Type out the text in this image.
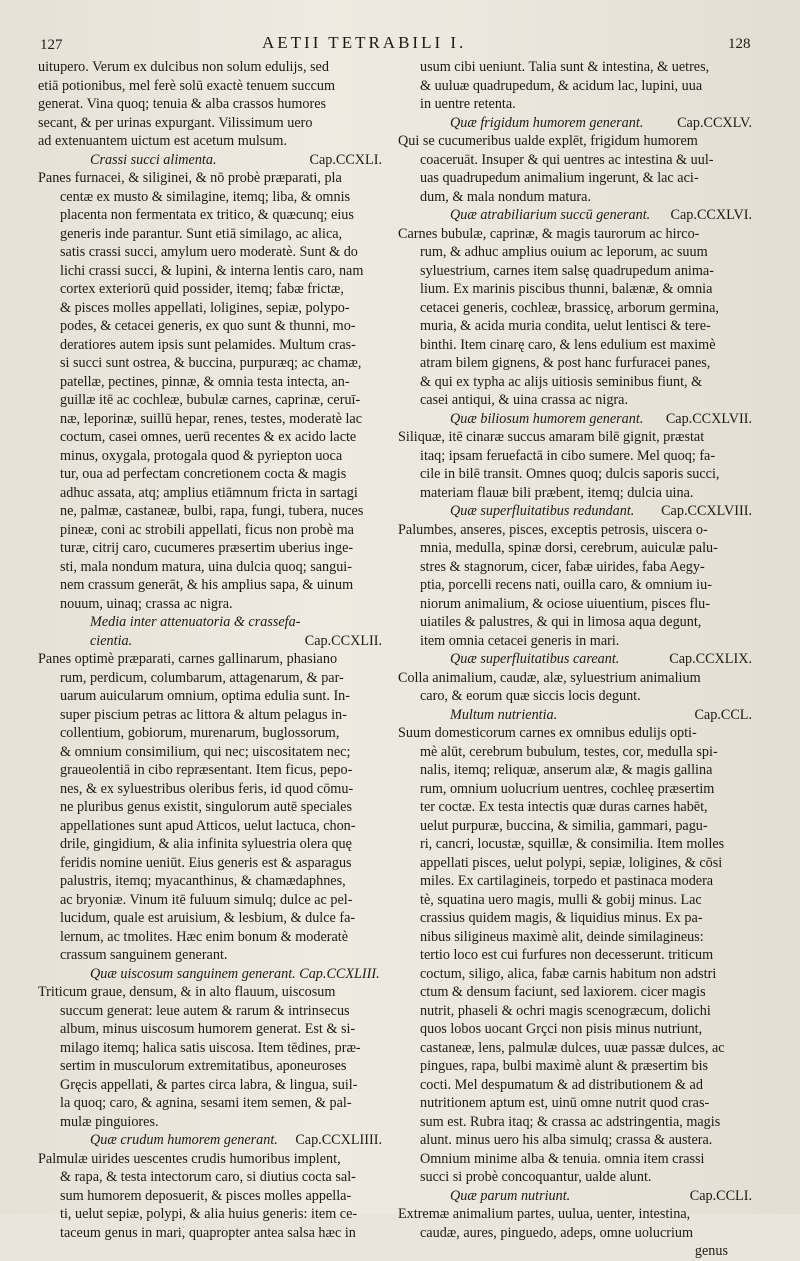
127	AETII TETRABILI I.	128
uitupero. Verum ex dulcibus non solum edulijs, sed
etiā potionibus, mel ferè solū exactè tenuem succum
generat. Vina quoq; tenuia & alba crassos humores
secant, & per urinas expurgant. Vilissimum uero
ad extenuantem uictum est acetum mulsum.
Crassi succi alimenta.	Cap.CCXLI.
Panes furnacei, & siliginei, & nō probè præparati, pla
centæ ex musto & similagine, itemq; liba, & omnis
placenta non fermentata ex tritico, & quæcunq; eius
generis inde parantur. Sunt etiā similago, ac alica,
satis crassi succi, amylum uero moderatè. Sunt & do
lichi crassi succi, & lupini, & interna lentis caro, nam
cortex exteriorū quid possider, itemq; fabæ frictæ,
& pisces molles appellati, loligines, sepiæ, polypo-
podes, & cetacei generis, ex quo sunt & thunni, mo-
deratiores autem ipsis sunt pelamides. Multum cras-
si succi sunt ostrea, & buccina, purpuræq; ac chamæ,
patellæ, pectines, pinnæ, & omnia testa intecta, an-
guillæ itē ac cochleæ, bubulæ carnes, caprinæ, ceruī-
næ, leporinæ, suillū hepar, renes, testes, moderatè lac
coctum, casei omnes, uerū recentes & ex acido lacte
minus, oxygala, protogala quod & pyriepton uoca
tur, oua ad perfectam concretionem cocta & magis
adhuc assata, atq; amplius etiāmnum fricta in sartagi
ne, palmæ, castaneæ, bulbi, rapa, fungi, tubera, nuces
pineæ, coni ac strobili appellati, ficus non probè ma
turæ, citrij caro, cucumeres præsertim uberius inge-
sti, mala nondum matura, uina dulcia quoq; sangui-
nem crassum generāt, & his amplius sapa, & uinum
nouum, uinaq; crassa ac nigra.
Media inter attenuatoria & crassefa-
cientia.	Cap.CCXLII.
Panes optimè præparati, carnes gallinarum, phasiano
rum, perdicum, columbarum, attagenarum, & par-
uarum auicularum omnium, optima edulia sunt. In-
super piscium petras ac littora & altum pelagus in-
collentium, gobiorum, murenarum, buglossorum,
& omnium consimilium, qui nec; uiscositatem nec;
graueolentiā in cibo repræsentant. Item ficus, pepo-
nes, & ex syluestribus oleribus feris, id quod cōmu-
ne pluribus genus existit, singulorum autē speciales
appellationes sunt apud Atticos, uelut lactuca, chon-
drile, gingidium, & alia infinita syluestria olera quę
feridis nomine ueniūt. Eius generis est & asparagus
palustris, itemq; myacanthinus, & chamædaphnes,
ac bryoniæ. Vinum itē fuluum simulq; dulce ac pel-
lucidum, quale est aruisium, & lesbium, & dulce fa-
lernum, ac tmolites. Hæc enim bonum & moderatè
crassum sanguinem generant.
Quæ uiscosum sanguinem generant. Cap.CCXLIII.
Triticum graue, densum, & in alto flauum, uiscosum
succum generat: leue autem & rarum & intrinsecus
album, minus uiscosum humorem generat. Est & si-
milago itemq; halica satis uiscosa. Item tēdines, præ-
sertim in musculorum extremitatibus, aponeuroses
Gręcis appellati, & partes circa labra, & lingua, suil-
la quoq; caro, & agnina, sesami item semen, & pal-
mulæ pinguiores.
Quæ crudum humorem generant. Cap.CCXLIIII.
Palmulæ uirides uescentes crudis humoribus implent,
& rapa, & testa intectorum caro, si diutius cocta sal-
sum humorem deposuerit, & pisces molles appella-
ti, uelut sepiæ, polypi, & alia huius generis: item ce-
taceum genus in mari, quapropter antea salsa hæc in
usum cibi ueniunt. Talia sunt & intestina, & uetres,
& uuluæ quadrupedum, & acidum lac, lupini, uua
in uentre retenta.
Quæ frigidum humorem generant. Cap.CCXLV.
Qui se cucumeribus ualde explēt, frigidum humorem
coaceruāt. Insuper & qui uentres ac intestina & uul-
uas quadrupedum animalium ingerunt, & lac aci-
dum, & mala nondum matura.
Quæ atrabiliarium succū generant. Cap.CCXLVI.
Carnes bubulæ, caprinæ, & magis taurorum ac hirco-
rum, & adhuc amplius ouium ac leporum, ac suum
syluestrium, carnes item salsę quadrupedum anima-
lium. Ex marinis piscibus thunni, balænæ, & omnia
cetacei generis, cochleæ, brassicę, arborum germina,
muria, & acida muria condita, uelut lentisci & tere-
binthi. Item cinarę caro, & lens edulium est maximè
atram bilem gignens, & post hanc furfuracei panes,
& qui ex typha ac alijs uitiosis seminibus fiunt, &
casei antiqui, & uina crassa ac nigra.
Quæ biliosum humorem generant. Cap.CCXLVII.
Siliquæ, itē cinaræ succus amaram bilē gignit, præstat
itaq; ipsam feruefactā in cibo sumere. Mel quoq; fa-
cile in bilē transit. Omnes quoq; dulcis saporis succi,
materiam flauæ bili præbent, itemq; dulcia uina.
Quæ superfluitatibus redundant. Cap.CCXLVIII.
Palumbes, anseres, pisces, exceptis petrosis, uiscera o-
mnia, medulla, spinæ dorsi, cerebrum, auiculæ palu-
stres & stagnorum, cicer, fabæ uirides, faba Aegy-
ptia, porcelli recens nati, ouilla caro, & omnium iu-
niorum animalium, & ociose uiuentium, pisces flu-
uiatiles & palustres, & qui in limosa aqua degunt,
item omnia cetacei generis in mari.
Quæ superfluitatibus careant.	Cap.CCXLIX.
Colla animalium, caudæ, alæ, syluestrium animalium
caro, & eorum quæ siccis locis degunt.
Multum nutrientia.	Cap.CCL.
Suum domesticorum carnes ex omnibus edulijs opti-
mè alūt, cerebrum bubulum, testes, cor, medulla spi-
nalis, itemq; reliquæ, anserum alæ, & magis gallina
rum, omnium uolucrium uentres, cochleę præsertim
ter coctæ. Ex testa intectis quæ duras carnes habēt,
uelut purpuræ, buccina, & similia, gammari, pagu-
ri, cancri, locustæ, squillæ, & consimilia. Item molles
appellati pisces, uelut polypi, sepiæ, loligines, & cōsi
miles. Ex cartilagineis, torpedo et pastinaca modera
tè, squatina uero magis, mulli & gobij minus. Lac
crassius quidem magis, & liquidius minus. Ex pa-
nibus siligineus maximè alit, deinde similagineus:
tertio loco est cui furfures non decesserunt. triticum
coctum, siligo, alica, fabæ carnis habitum non adstri
ctum & densum faciunt, sed laxiorem. cicer magis
nutrit, phaseli & ochri magis scenogræcum, dolichi
quos lobos uocant Grçci non pisis minus nutriunt,
castaneæ, lens, palmulæ dulces, uuæ passæ dulces, ac
pingues, rapa, bulbi maximè alunt & præsertim bis
cocti. Mel despumatum & ad distributionem & ad
nutritionem aptum est, uinū omne nutrit quod cras-
sum est. Rubra itaq; & crassa ac adstringentia, magis
alunt. minus uero his alba simulq; crassa & austera.
Omnium minime alba & tenuia. omnia item crassi
succi si probè concoquantur, ualde alunt.
Quæ parum nutriunt.	Cap.CCLI.
Extremæ animalium partes, uulua, uenter, intestina,
caudæ, aures, pinguedo, adeps, omne uolucrium
genus
